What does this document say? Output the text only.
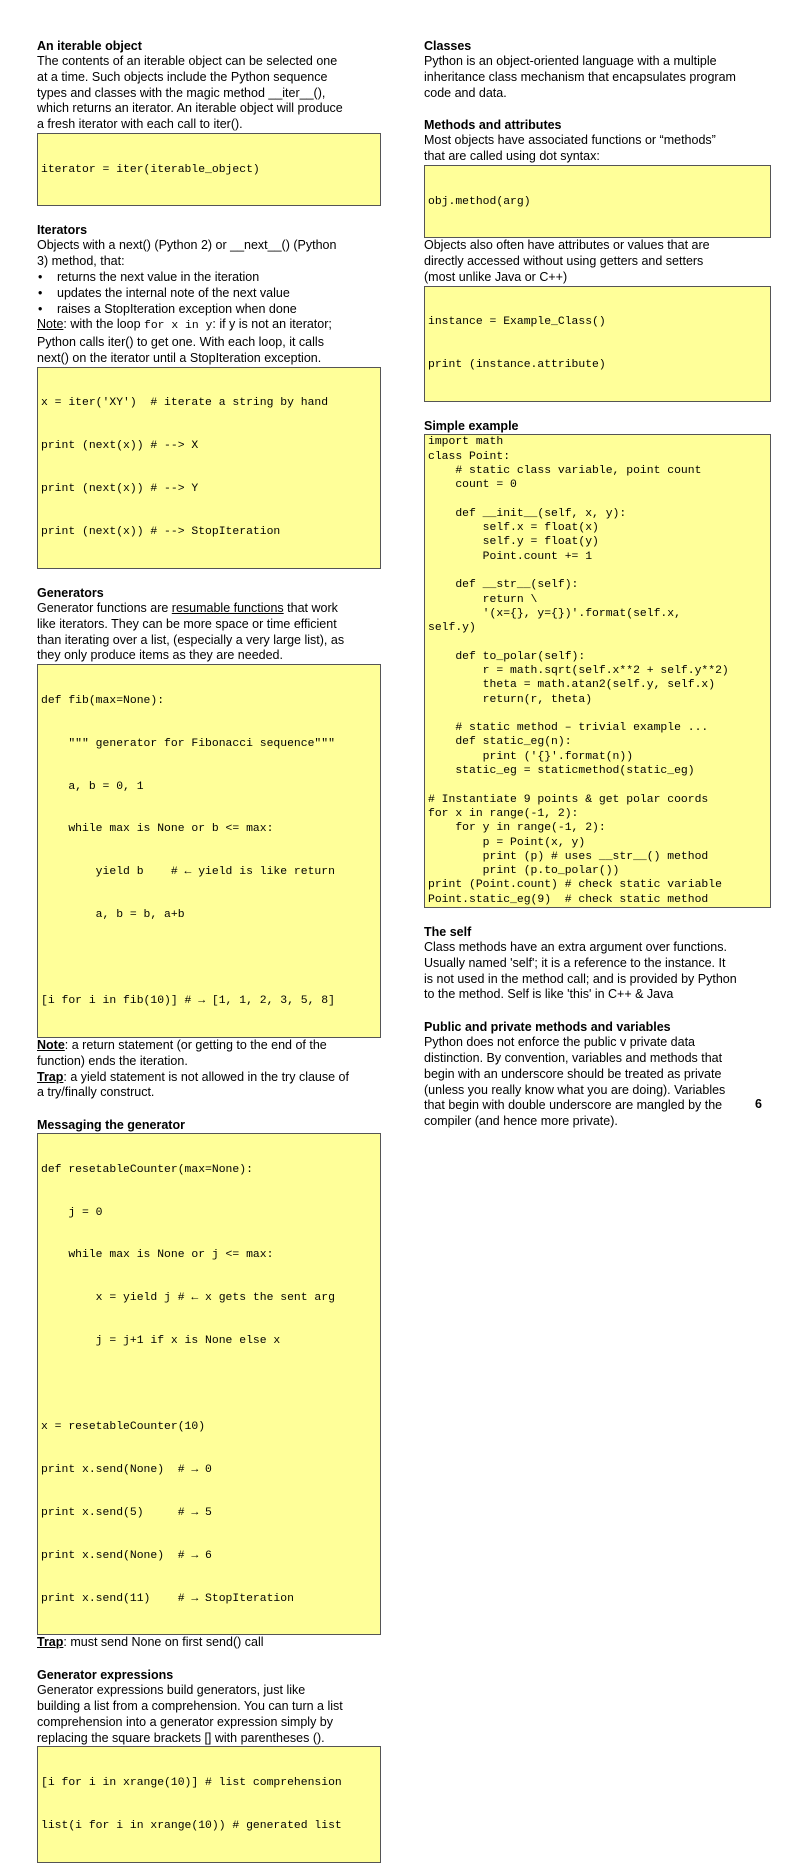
An iterable object
The contents of an iterable object can be selected one
at a time. Such objects include the Python sequence
types and classes with the magic method __iter__(),
which returns an iterator. An iterable object will produce
a fresh iterator with each call to iter().

iterator = iter(iterable_object)

Iterators
Objects with a next() (Python 2) or __next__() (Python
3) method, that:
• returns the next value in the iteration
• updates the internal note of the next value
• raises a StopIteration exception when done
Note: with the loop for x in y: if y is not an iterator;
Python calls iter() to get one. With each loop, it calls
next() on the iterator until a StopIteration exception.

x = iter('XY')  # iterate a string by hand

print (next(x)) # --> X

print (next(x)) # --> Y

print (next(x)) # --> StopIteration

Generators
Generator functions are resumable functions that work
like iterators. They can be more space or time efficient
than iterating over a list, (especially a very large list), as
they only produce items as they are needed.

def fib(max=None):

""" generator for Fibonacci sequence"""

a, b = 0, 1

while max is None or b <= max:

yield b    # ← yield is like return

a, b = b, a+b

[i for i in fib(10)] # → [1, 1, 2, 3, 5, 8]

Note: a return statement (or getting to the end of the
function) ends the iteration.
Trap: a yield statement is not allowed in the try clause of
a try/finally construct.
Messaging the generator

def resetableCounter(max=None):

j = 0

while max is None or j <= max:

x = yield j # ← x gets the sent arg

j = j+1 if x is None else x

x = resetableCounter(10)

print x.send(None)  # → 0

print x.send(5)     # → 5

print x.send(None)  # → 6

print x.send(11)    # → StopIteration

Trap: must send None on first send() call
Generator expressions
Generator expressions build generators, just like
building a list from a comprehension. You can turn a list
comprehension into a generator expression simply by
replacing the square brackets [] with parentheses ().

[i for i in xrange(10)] # list comprehension

list(i for i in xrange(10)) # generated list

Classes
Python is an object-oriented language with a multiple
inheritance class mechanism that encapsulates program
code and data.
Methods and attributes
Most objects have associated functions or “methods”
that are called using dot syntax:

obj.method(arg)

Objects also often have attributes or values that are
directly accessed without using getters and setters
(most unlike Java or C++)

instance = Example_Class()

print (instance.attribute)

Simple example
import math
class Point:
# static class variable, point count
count = 0
def __init__(self, x, y):
self.x = float(x)
self.y = float(y)
Point.count += 1
def __str__(self):
return \
'(x={}, y={})'.format(self.x,
self.y)
def to_polar(self):
r = math.sqrt(self.x**2 + self.y**2)
theta = math.atan2(self.y, self.x)
return(r, theta)
# static method – trivial example ...
def static_eg(n):
print ('{}'.format(n))
static_eg = staticmethod(static_eg)
# Instantiate 9 points & get polar coords
for x in range(-1, 2):
for y in range(-1, 2):
p = Point(x, y)
print (p) # uses __str__() method
print (p.to_polar())
print (Point.count) # check static variable
Point.static_eg(9)  # check static method
The self
Class methods have an extra argument over functions.
Usually named 'self'; it is a reference to the instance. It
is not used in the method call; and is provided by Python
to the method. Self is like 'this' in C++ & Java
Public and private methods and variables
Python does not enforce the public v private data
distinction. By convention, variables and methods that
begin with an underscore should be treated as private
(unless you really know what you are doing). Variables
that begin with double underscore are mangled by the
compiler (and hence more private).
6
